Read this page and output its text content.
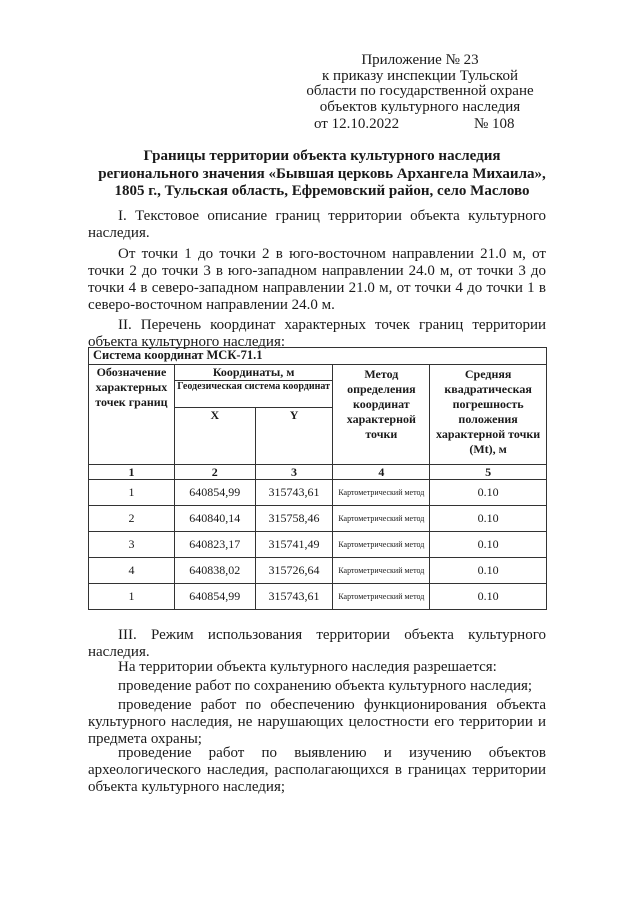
Приложение № 23
к приказу инспекции Тульской
области по государственной охране
объектов культурного наследия
от 12.10.2022	№ 108
Границы территории объекта культурного наследия
регионального значения «Бывшая церковь Архангела Михаила»,
1805 г., Тульская область, Ефремовский район, село Маслово
I. Текстовое описание границ территории объекта культурного наследия.
От точки 1 до точки 2 в юго-восточном направлении 21.0 м, от точки 2 до точки 3 в юго-западном направлении 24.0 м, от точки 3 до точки 4 в северо-западном направлении 21.0 м, от точки 4 до точки 1 в северо-восточном направлении 24.0 м.
II. Перечень координат характерных точек границ территории объекта культурного наследия:
Система координат МСК-71.1				
Обозначение характерных точек границ	Координаты, м		Метод определения координат характерной точки	Средняя квадратическая погрешность положения характерной точки (Mt), м
	Геодезическая система координат			
	X	Y		
1	2	3	4	5
1	640854,99	315743,61	Картометрический метод	0.10
2	640840,14	315758,46	Картометрический метод	0.10
3	640823,17	315741,49	Картометрический метод	0.10
4	640838,02	315726,64	Картометрический метод	0.10
1	640854,99	315743,61	Картометрический метод	0.10
III. Режим использования территории объекта культурного наследия.
На территории объекта культурного наследия разрешается:
проведение работ по сохранению объекта культурного наследия;
проведение работ по обеспечению функционирования объекта культурного наследия, не нарушающих целостности его территории и предмета охраны;
проведение работ по выявлению и изучению объектов археологического наследия, располагающихся в границах территории объекта культурного наследия;
